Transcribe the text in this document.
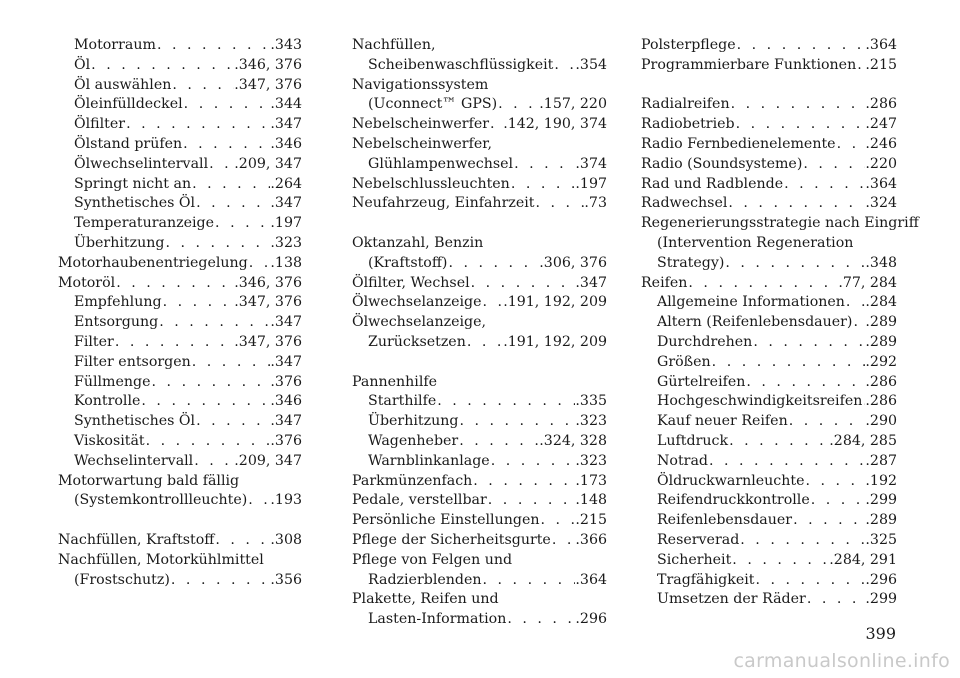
Motorraum . . .	.343
Öl . . .	.346, 376
Öl auswählen . . .	.347, 376
Öleinfülldeckel . . .	.344
Ölfilter . . .	.347
Ölstand prüfen . . .	.346
Ölwechselintervall . . . .209, 347
Springt nicht an . . .	.264
Synthetisches Öl . . .	.347
Temperaturanzeige . . .	.197
Überhitzung . . .	.323
Motorhaubenentriegelung . . . .138
Motoröl . . .	.346, 376
Empfehlung . . .	.347, 376
Entsorgung . . .	.347
Filter . . .	.347, 376
Filter entsorgen . . .	.347
Füllmenge . . .	.376
Kontrolle . . .	.346
Synthetisches Öl . . .	.347
Viskosität . . .	.376
Wechselintervall . . .	.209, 347
Motorwartung bald fällig
(Systemkontrollleuchte) . . . .193
Nachfüllen, Kraftstoff . . .	.308
Nachfüllen, Motorkühlmittel
(Frostschutz) . . .	.356
Nachfüllen,
Scheibenwaschflüssigkeit . . . .354
Navigationssystem
(Uconnect™ GPS) . . .	.157, 220
Nebelscheinwerfer . . . .142, 190, 374
Nebelscheinwerfer,
Glühlampenwechsel . . .	.374
Nebelschlussleuchten . . .	.197
Neufahrzeug, Einfahrzeit . . .	.73
Oktanzahl, Benzin
(Kraftstoff) . . .	.306, 376
Ölfilter, Wechsel . . .	.347
Ölwechselanzeige . . . .191, 192, 209
Ölwechselanzeige,
Zurücksetzen . . .	.191, 192, 209
Pannenhilfe
Starthilfe . . .	.335
Überhitzung . . .	.323
Wagenheber . . .	.324, 328
Warnblinkanlage . . .	.323
Parkmünzenfach . . .	.173
Pedale, verstellbar . . .	.148
Persönliche Einstellungen . . .	.215
Pflege der Sicherheitsgurte . . . .366
Pflege von Felgen und
Radzierblenden . . .	.364
Plakette, Reifen und
Lasten-Information . . .	.296
Polsterpflege . . .	.364
Programmierbare Funktionen . . . .215
Radialreifen . . .	.286
Radiobetrieb . . .	.247
Radio Fernbedienelemente . . . .246
Radio (Soundsysteme) . . .	.220
Rad und Radblende . . .	.364
Radwechsel . . .	.324
Regenerierungsstrategie nach Eingriff
(Intervention Regeneration
Strategy) . . .	.348
Reifen . . .	.77, 284
Allgemeine Informationen . . . .284
Altern (Reifenlebensdauer) . . . .289
Durchdrehen . . .	.289
Größen . . .	.292
Gürtelreifen . . .	.286
Hochgeschwindigkeitsreifen . . . .286
Kauf neuer Reifen . . .	.290
Luftdruck . . .	.284, 285
Notrad . . .	.287
Öldruckwarnleuchte . . .	.192
Reifendruckkontrolle . . .	.299
Reifenlebensdauer . . .	.289
Reserverad . . .	.325
Sicherheit . . .	.284, 291
Tragfähigkeit . . .	.296
Umsetzen der Räder . . .	.299
399
carmanualsonline.info
